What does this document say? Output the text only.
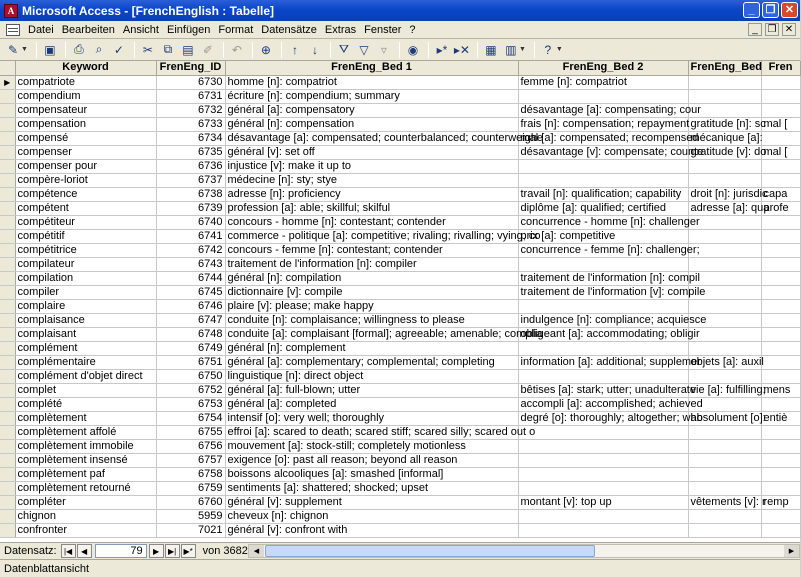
A Microsoft Access - [FrenchEnglish : Tabelle]	_	❐ ✕
Datei Bearbeiten Ansicht Einfügen Format Datensätze Extras Fenster ?	_ ❐ ✕
✎ ▼ ▣	⎙ ⌕ ✓	✂ ⧉ ▤ ✐	↶	⊕	↑	↓	⛛ ▽	▿	◉	▸* ▸✕ ▦ ▥ ▼	? ▼
	Keyword	FrenEng_ID	FrenEng_Bed 1	FrenEng_Bed 2	FrenEng_Bed	Fren
▶	compatriote	6730	homme [n]: compatriot	femme [n]: compatriot		
	compendium	6731	écriture [n]: compendium; summary			
	compensateur	6732	général [a]: compensatory	désavantage [a]: compensating; cour		
	compensation	6733	général [n]: compensation	frais [n]: compensation; repayment	gratitude [n]: sc	mal [
	compensé	6734	désavantage [a]: compensated; counterbalanced; counterweighe	mal [a]: compensated; recompensed	mécanique [a]:	
	compenser	6735	général [v]: set off	désavantage [v]: compensate; counte	gratitude [v]: do	mal [
	compenser pour	6736	injustice [v]: make it up to			
	compère-loriot	6737	médecine [n]: sty; stye			
	compétence	6738	adresse [n]: proficiency	travail [n]: qualification; capability	droit [n]: jurisdic	capa
	compétent	6739	profession [a]: able; skillful; skilful	diplôme [a]: qualified; certified	adresse [a]: qua	profe
	compétiteur	6740	concours - homme [n]: contestant; contender	concurrence - homme [n]: challenger		
	compétitif	6741	commerce - politique [a]: competitive; rivaling; rivalling; vying; co	prix [a]: competitive		
	compétitrice	6742	concours - femme [n]: contestant; contender	concurrence - femme [n]: challenger;		
	compilateur	6743	traitement de l'information [n]: compiler			
	compilation	6744	général [n]: compilation	traitement de l'information [n]: compil		
	compiler	6745	dictionnaire [v]: compile	traitement de l'information [v]: compile		
	complaire	6746	plaire [v]: please; make happy			
	complaisance	6747	conduite [n]: complaisance; willingness to please	indulgence [n]: compliance; acquiesce		
	complaisant	6748	conduite [a]: complaisant [formal]; agreeable; amenable; complia	obligeant [a]: accommodating; obligir		
	complément	6749	général [n]: complement			
	complémentaire	6751	général [a]: complementary; complemental; completing	information [a]: additional; supplemer	objets [a]: auxil	
	complément d'objet direct	6750	linguistique [n]: direct object			
	complet	6752	général [a]: full-blown; utter	bêtises [a]: stark; utter; unadulterate	vie [a]: fulfilling;	mens
	complété	6753	général [a]: completed	accompli [a]: accomplished; achieved		
	complètement	6754	intensif [o]: very well; thoroughly	degré [o]: thoroughly; altogether; who	absolument [o]:	entiè
	complètement affolé	6755	effroi [a]: scared to death; scared stiff; scared silly; scared out o			
	complètement immobile	6756	mouvement [a]: stock-still; completely motionless			
	complètement insensé	6757	exigence [o]: past all reason; beyond all reason			
	complètement paf	6758	boissons alcooliques [a]: smashed [informal]			
	complètement retourné	6759	sentiments [a]: shattered; shocked; upset			
	compléter	6760	général [v]: supplement	montant [v]: top up	vêtements [v]: r	remp
	chignon	5959	cheveux [n]: chignon			
	confronter	7021	général [v]: confront with			
Datensatz: |◀	◀
79	▶	▶| ▶* von 3682 ◀	▶
Datenblattansicht
